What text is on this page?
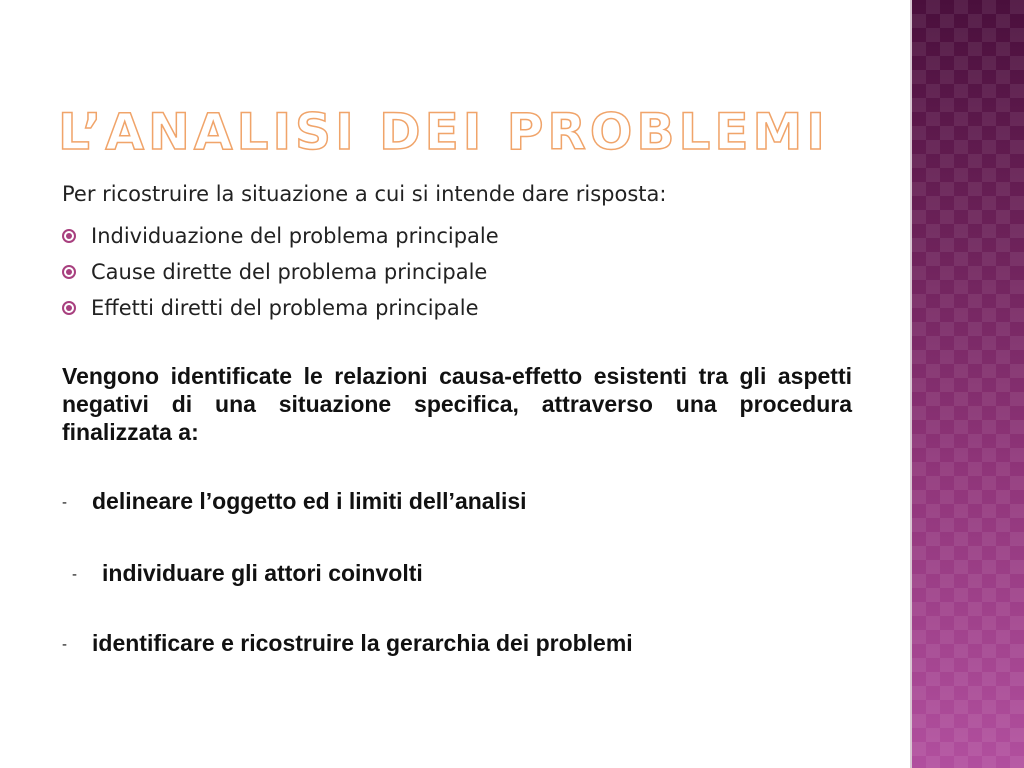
L’ANALISI DEI PROBLEMI

Per ricostruire la situazione a cui si intende dare risposta:

Individuazione del problema principale
Cause dirette del problema principale
Effetti diretti del problema principale

Vengono identificate le relazioni causa-effetto esistenti tra gli aspetti negativi di una situazione specifica, attraverso una procedura finalizzata a:

- delineare l’oggetto ed i limiti dell’analisi

- individuare gli attori coinvolti

- identificare e ricostruire la gerarchia dei problemi
